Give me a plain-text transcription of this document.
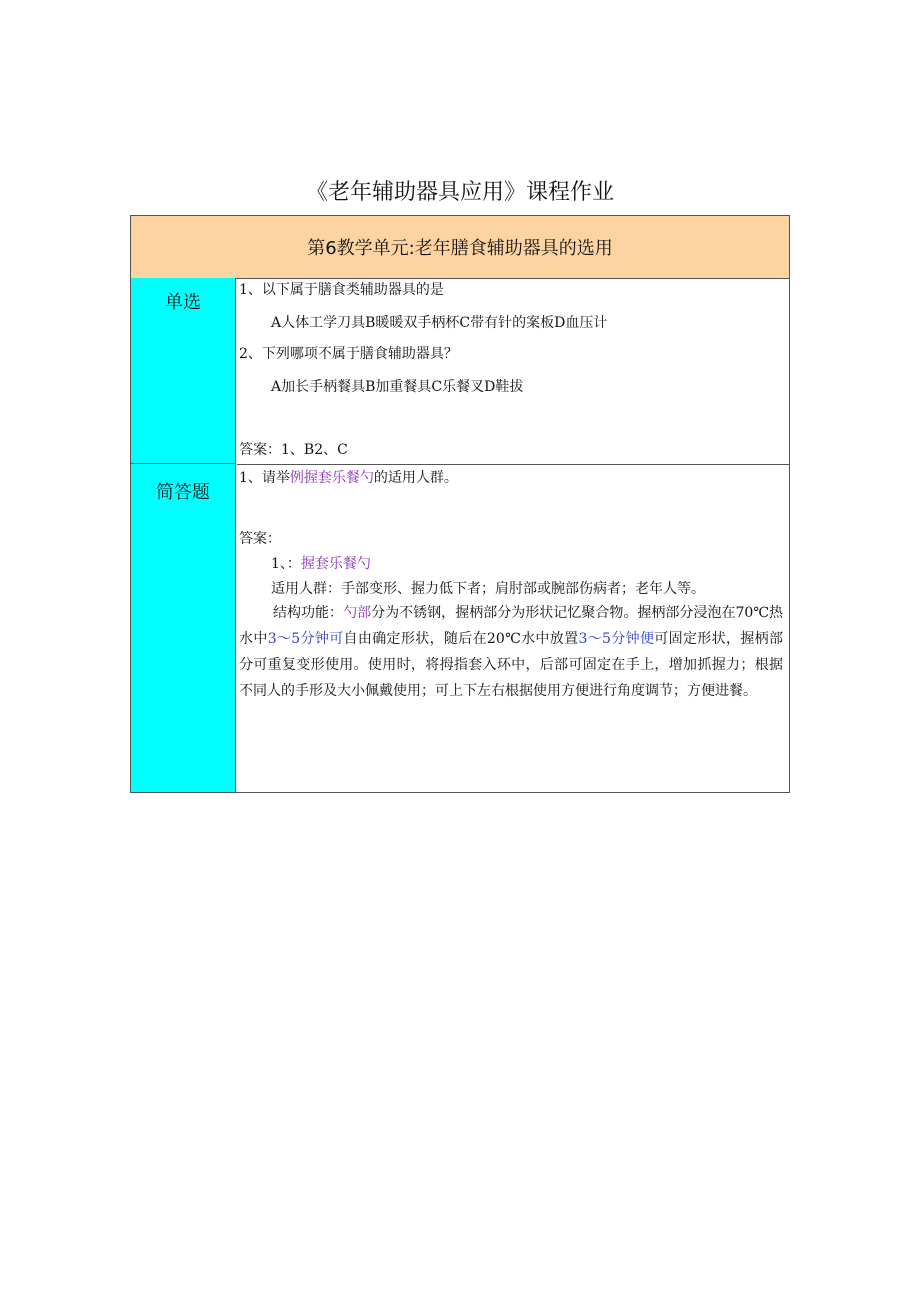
《老年辅助器具应用》课程作业
第6教学单元:老年膳食辅助器具的选用
单选
1、以下属于膳食类辅助器具的是
A人体工学刀具B暖暖双手柄杯C带有针的案板D血压计
2、下列哪项不属于膳食辅助器具？
A加长手柄餐具B加重餐具C乐餐叉D鞋拔
答案：1、B2、C
简答题
1、请举例握套乐餐勺的适用人群。
答案：
1、：握套乐餐勺
适用人群：手部变形、握力低下者；肩肘部或腕部伤病者；老年人等。
结构功能：勺部分为不锈钢，握柄部分为形状记忆聚合物。握柄部分浸泡在70℃热水中3～5分钟可自由确定形状，随后在20℃水中放置3～5分钟便可固定形状，握柄部分可重复变形使用。使用时，将拇指套入环中，后部可固定在手上，增加抓握力；根据不同人的手形及大小佩戴使用；可上下左右根据使用方便进行角度调节；方便进餐。
